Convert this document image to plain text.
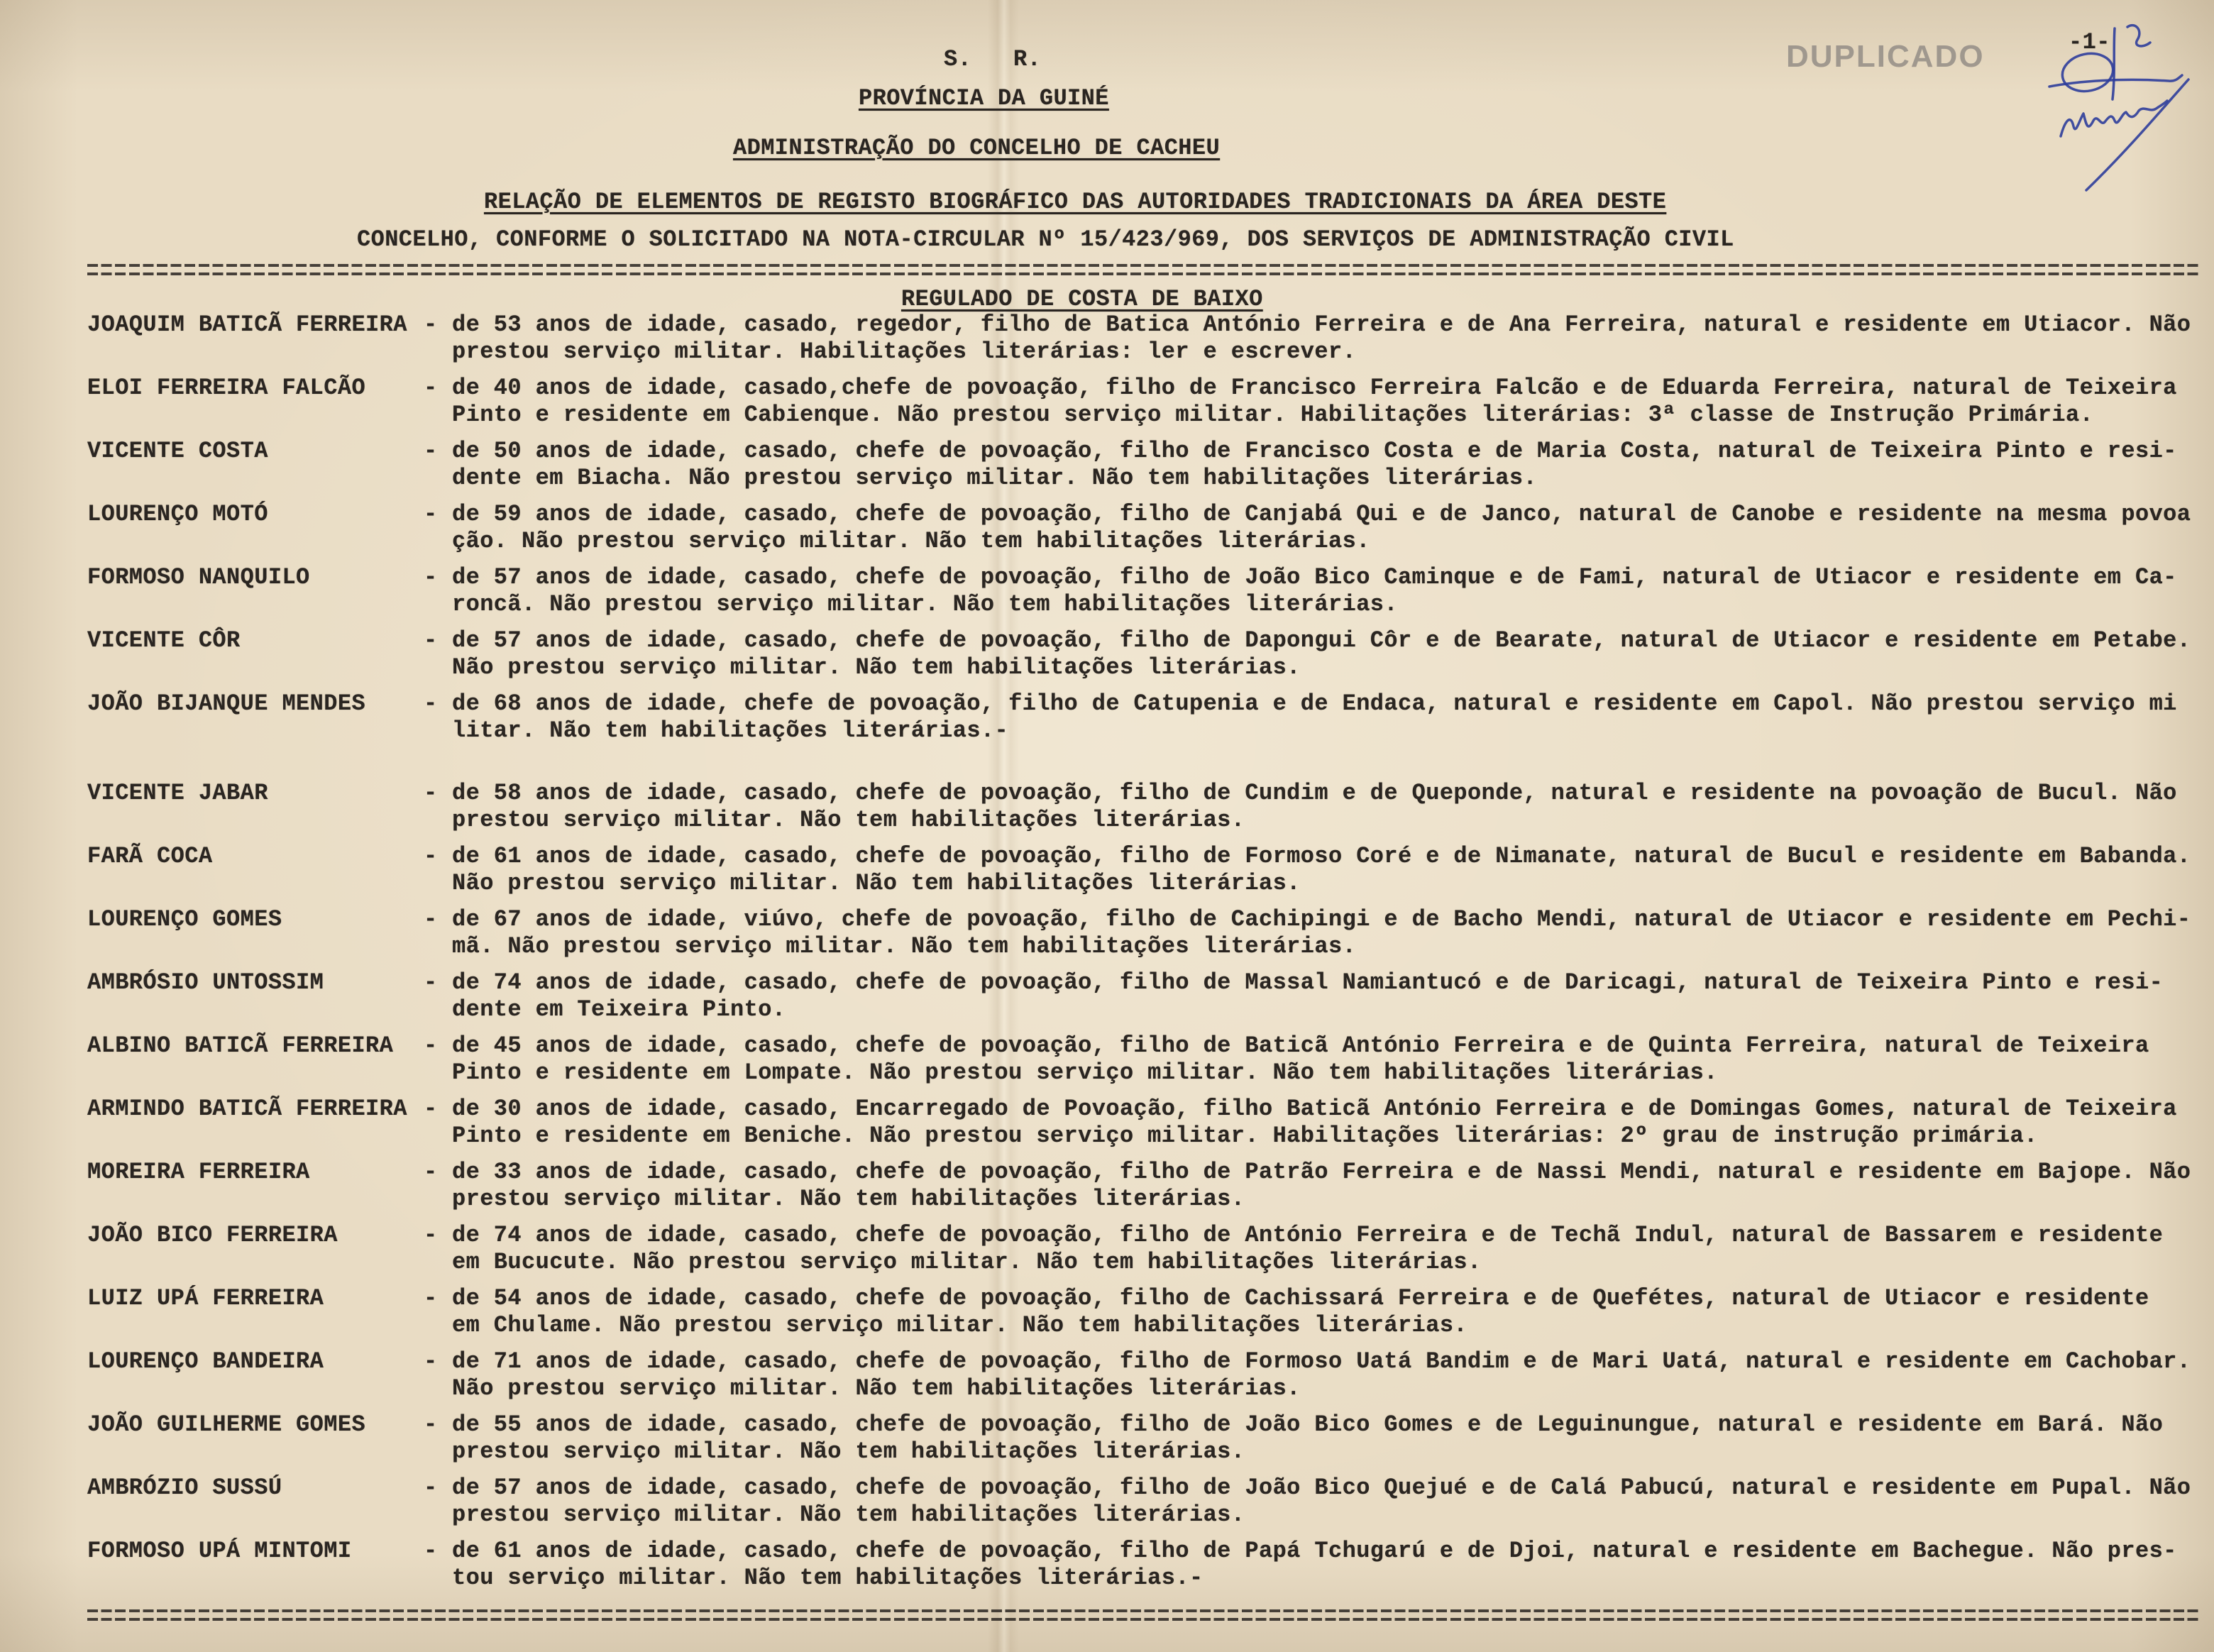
S.   R.
PROVÍNCIA DA GUINÉ
ADMINISTRAÇÃO DO CONCELHO DE CACHEU
RELAÇÃO DE ELEMENTOS DE REGISTO BIOGRÁFICO DAS AUTORIDADES TRADICIONAIS DA ÁREA DESTE
CONCELHO, CONFORME O SOLICITADO NA NOTA-CIRCULAR Nº 15/423/969, DOS SERVIÇOS DE ADMINISTRAÇÃO CIVIL
DUPLICADO	-1-
REGULADO DE COSTA DE BAIXO
JOAQUIM BATICÃ FERREIRA - de 53 anos de idade, casado, regedor, filho de Batica António Ferreira e de Ana Ferreira, natural e residente em Utiacor. Não
prestou serviço militar. Habilitações literárias: ler e escrever.
ELOI FERREIRA FALCÃO	- de 40 anos de idade, casado,chefe de povoação, filho de Francisco Ferreira Falcão e de Eduarda Ferreira, natural de Teixeira
Pinto e residente em Cabienque. Não prestou serviço militar. Habilitações literárias: 3ª classe de Instrução Primária.
VICENTE COSTA	- de 50 anos de idade, casado, chefe de povoação, filho de Francisco Costa e de Maria Costa, natural de Teixeira Pinto e resi-
dente em Biacha. Não prestou serviço militar. Não tem habilitações literárias.
LOURENÇO MOTÓ	- de 59 anos de idade, casado, chefe de povoação, filho de Canjabá Qui e de Janco, natural de Canobe e residente na mesma povoa
ção. Não prestou serviço militar. Não tem habilitações literárias.
FORMOSO NANQUILO	- de 57 anos de idade, casado, chefe de povoação, filho de João Bico Caminque e de Fami, natural de Utiacor e residente em Ca-
roncã. Não prestou serviço militar. Não tem habilitações literárias.
VICENTE CÔR	- de 57 anos de idade, casado, chefe de povoação, filho de Dapongui Côr e de Bearate, natural de Utiacor e residente em Petabe.
Não prestou serviço militar. Não tem habilitações literárias.
JOÃO BIJANQUE MENDES	- de 68 anos de idade, chefe de povoação, filho de Catupenia e de Endaca, natural e residente em Capol. Não prestou serviço mi
litar. Não tem habilitações literárias.-
VICENTE JABAR	- de 58 anos de idade, casado, chefe de povoação, filho de Cundim e de Queponde, natural e residente na povoação de Bucul. Não
prestou serviço militar. Não tem habilitações literárias.
FARÃ COCA	- de 61 anos de idade, casado, chefe de povoação, filho de Formoso Coré e de Nimanate, natural de Bucul e residente em Babanda.
Não prestou serviço militar. Não tem habilitações literárias.
LOURENÇO GOMES	- de 67 anos de idade, viúvo, chefe de povoação, filho de Cachipingi e de Bacho Mendi, natural de Utiacor e residente em Pechi-
mã. Não prestou serviço militar. Não tem habilitações literárias.
AMBRÓSIO UNTOSSIM	- de 74 anos de idade, casado, chefe de povoação, filho de Massal Namiantucó e de Daricagi, natural de Teixeira Pinto e resi-
dente em Teixeira Pinto.
ALBINO BATICÃ FERREIRA - de 45 anos de idade, casado, chefe de povoação, filho de Baticã António Ferreira e de Quinta Ferreira, natural de Teixeira
Pinto e residente em Lompate. Não prestou serviço militar. Não tem habilitações literárias.
ARMINDO BATICÃ FERREIRA - de 30 anos de idade, casado, Encarregado de Povoação, filho Baticã António Ferreira e de Domingas Gomes, natural de Teixeira
Pinto e residente em Beniche. Não prestou serviço militar. Habilitações literárias: 2º grau de instrução primária.
MOREIRA FERREIRA	- de 33 anos de idade, casado, chefe de povoação, filho de Patrão Ferreira e de Nassi Mendi, natural e residente em Bajope. Não
prestou serviço militar. Não tem habilitações literárias.
JOÃO BICO FERREIRA	- de 74 anos de idade, casado, chefe de povoação, filho de António Ferreira e de Techã Indul, natural de Bassarem e residente
em Bucucute. Não prestou serviço militar. Não tem habilitações literárias.
LUIZ UPÁ FERREIRA	- de 54 anos de idade, casado, chefe de povoação, filho de Cachissará Ferreira e de Quefétes, natural de Utiacor e residente
em Chulame. Não prestou serviço militar. Não tem habilitações literárias.
LOURENÇO BANDEIRA	- de 71 anos de idade, casado, chefe de povoação, filho de Formoso Uatá Bandim e de Mari Uatá, natural e residente em Cachobar.
Não prestou serviço militar. Não tem habilitações literárias.
JOÃO GUILHERME GOMES	- de 55 anos de idade, casado, chefe de povoação, filho de João Bico Gomes e de Leguinungue, natural e residente em Bará. Não
prestou serviço militar. Não tem habilitações literárias.
AMBRÓZIO SUSSÚ	- de 57 anos de idade, casado, chefe de povoação, filho de João Bico Quejué e de Calá Pabucú, natural e residente em Pupal. Não
prestou serviço militar. Não tem habilitações literárias.
FORMOSO UPÁ MINTOMI	- de 61 anos de idade, casado, chefe de povoação, filho de Papá Tchugarú e de Djoi, natural e residente em Bachegue. Não pres-
tou serviço militar. Não tem habilitações literárias.-
